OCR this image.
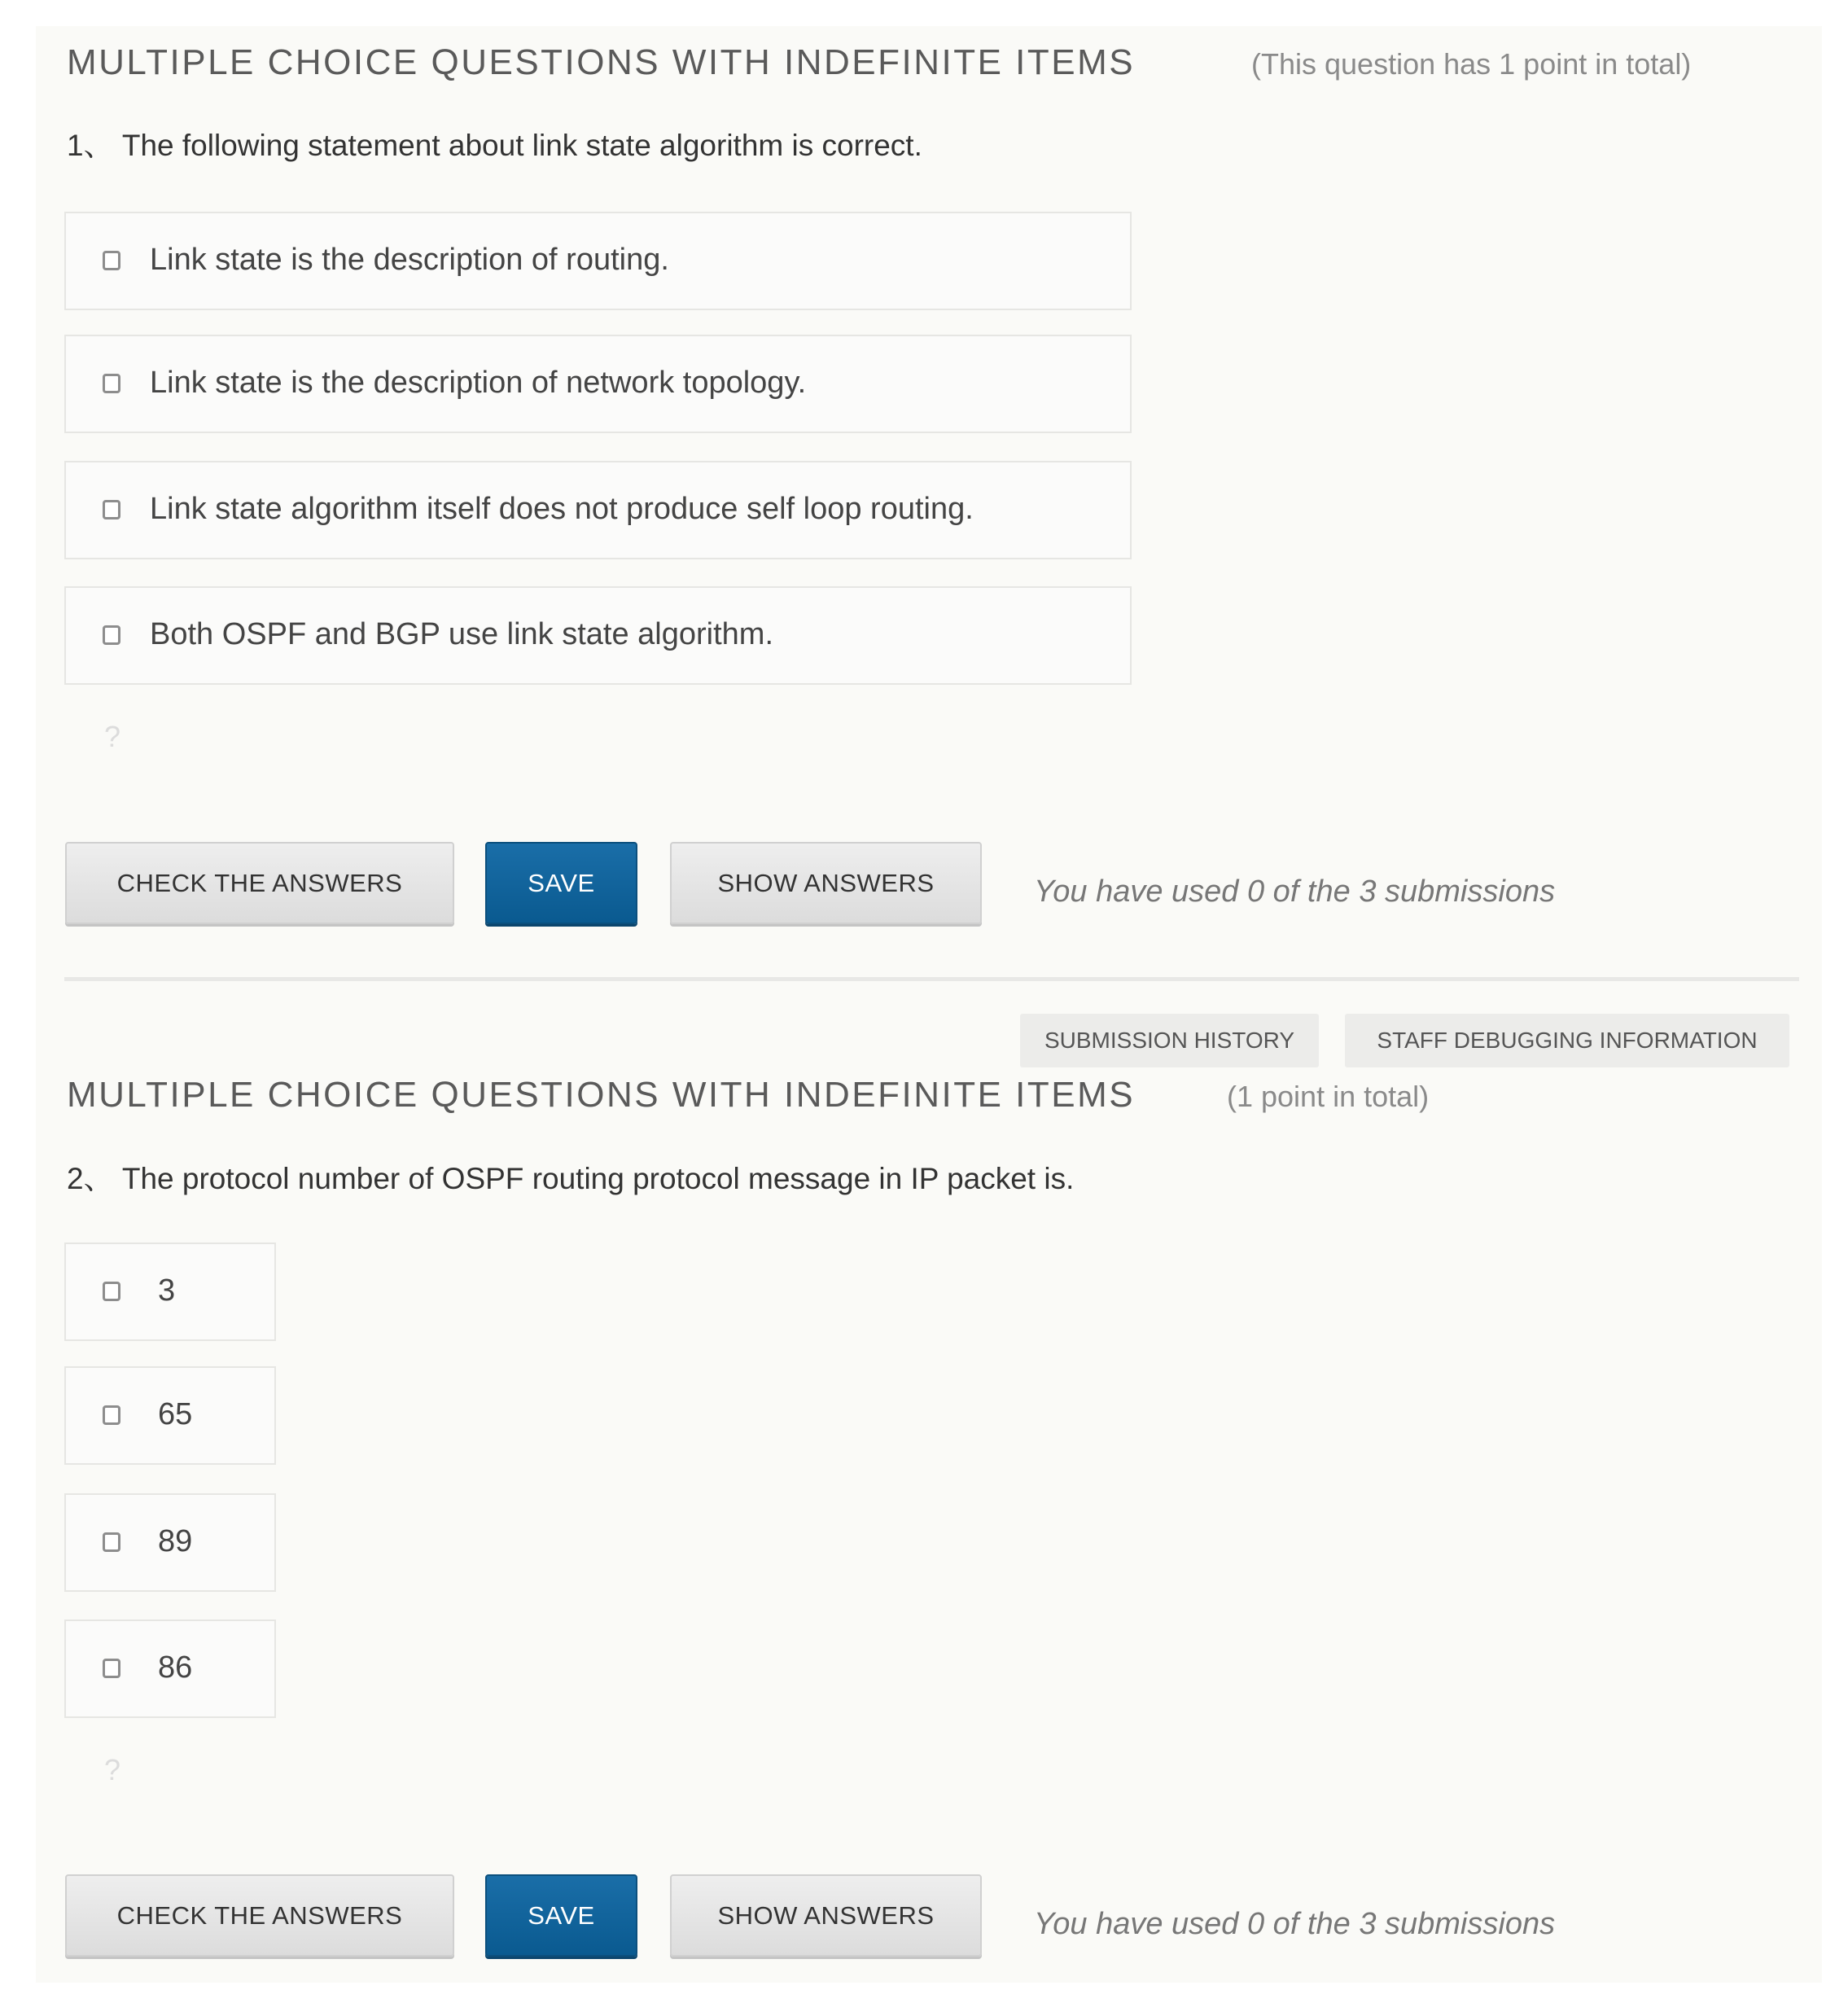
MULTIPLE CHOICE QUESTIONS WITH INDEFINITE ITEMS	(This question has 1 point in total)
1、 The following statement about link state algorithm is correct.
Link state is the description of routing.
Link state is the description of network topology.
Link state algorithm itself does not produce self loop routing.
Both OSPF and BGP use link state algorithm.
?
CHECK THE ANSWERS	SAVE	SHOW ANSWERS	You have used 0 of the 3 submissions
SUBMISSION HISTORY	STAFF DEBUGGING INFORMATION
MULTIPLE CHOICE QUESTIONS WITH INDEFINITE ITEMS	(1 point in total)
2、 The protocol number of OSPF routing protocol message in IP packet is.
3
65
89
86
?
CHECK THE ANSWERS	SAVE	SHOW ANSWERS	You have used 0 of the 3 submissions
